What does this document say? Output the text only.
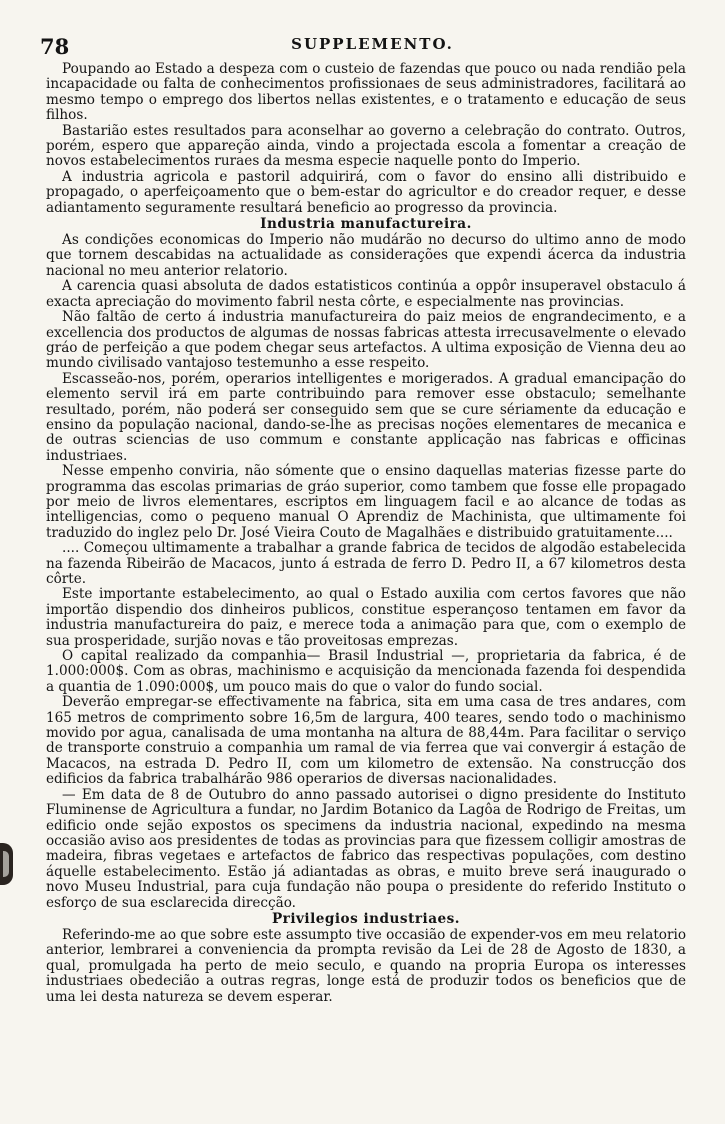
78	SUPPLEMENTO.

Poupando ao Estado a despeza com o custeio de fazendas que pouco ou nada rendião pela incapacidade ou falta de conhecimentos profissionaes de seus administradores, facilitará ao mesmo tempo o emprego dos libertos nellas existentes, e o tratamento e educação de seus filhos.

Bastarião estes resultados para aconselhar ao governo a celebração do contrato. Outros, porém, espero que appareção ainda, vindo a projectada escola a fomentar a creação de novos estabelecimentos ruraes da mesma especie naquelle ponto do Imperio.

A industria agricola e pastoril adquirirá, com o favor do ensino alli distribuido e propagado, o aperfeiçoamento que o bem-estar do agricultor e do creador requer, e desse adiantamento seguramente resultará beneficio ao progresso da provincia.

Industria manufactureira.

As condições economicas do Imperio não mudárão no decurso do ultimo anno de modo que tornem descabidas na actualidade as considerações que expendi ácerca da industria nacional no meu anterior relatorio.

A carencia quasi absoluta de dados estatisticos continúa a oppôr insuperavel obstaculo á exacta apreciação do movimento fabril nesta côrte, e especialmente nas provincias.

Não faltão de certo á industria manufactureira do paiz meios de engrandecimento, e a excellencia dos productos de algumas de nossas fabricas attesta irrecusavelmente o elevado gráo de perfeição a que podem chegar seus artefactos. A ultima exposição de Vienna deu ao mundo civilisado vantajoso testemunho a esse respeito.

Escasseão-nos, porém, operarios intelligentes e morigerados. A gradual emancipação do elemento servil irá em parte contribuindo para remover esse obstaculo; semelhante resultado, porém, não poderá ser conseguido sem que se cure sériamente da educação e ensino da população nacional, dando-se-lhe as precisas noções elementares de mecanica e de outras sciencias de uso commum e constante applicação nas fabricas e officinas industriaes.

Nesse empenho conviria, não sómente que o ensino daquellas materias fizesse parte do programma das escolas primarias de gráo superior, como tambem que fosse elle propagado por meio de livros elementares, escriptos em linguagem facil e ao alcance de todas as intelligencias, como o pequeno manual O Aprendiz de Machinista, que ultimamente foi traduzido do inglez pelo Dr. José Vieira Couto de Magalhães e distribuido gratuitamente....

.... Começou ultimamente a trabalhar a grande fabrica de tecidos de algodão estabelecida na fazenda Ribeirão de Macacos, junto á estrada de ferro D. Pedro II, a 67 kilometros desta côrte.

Este importante estabelecimento, ao qual o Estado auxilia com certos favores que não importão dispendio dos dinheiros publicos, constitue esperançoso tentamen em favor da industria manufactureira do paiz, e merece toda a animação para que, com o exemplo de sua prosperidade, surjão novas e tão proveitosas emprezas.

O capital realizado da companhia— Brasil Industrial —, proprietaria da fabrica, é de 1.000:000$. Com as obras, machinismo e acquisição da mencionada fazenda foi despendida a quantia de 1.090:000$, um pouco mais do que o valor do fundo social.

Deverão empregar-se effectivamente na fabrica, sita em uma casa de tres andares, com 165 metros de comprimento sobre 16,5m de largura, 400 teares, sendo todo o machinismo movido por agua, canalisada de uma montanha na altura de 88,44m. Para facilitar o serviço de transporte construio a companhia um ramal de via ferrea que vai convergir á estação de Macacos, na estrada D. Pedro II, com um kilometro de extensão. Na construcção dos edificios da fabrica trabalhárão 986 operarios de diversas nacionalidades.

— Em data de 8 de Outubro do anno passado autorisei o digno presidente do Instituto Fluminense de Agricultura a fundar, no Jardim Botanico da Lagôa de Rodrigo de Freitas, um edificio onde sejão expostos os specimens da industria nacional, expedindo na mesma occasião aviso aos presidentes de todas as provincias para que fizessem colligir amostras de madeira, fibras vegetaes e artefactos de fabrico das respectivas populações, com destino áquelle estabelecimento. Estão já adiantadas as obras, e muito breve será inaugurado o novo Museu Industrial, para cuja fundação não poupa o presidente do referido Instituto o esforço de sua esclarecida direcção.

Privilegios industriaes.

Referindo-me ao que sobre este assumpto tive occasião de expender-vos em meu relatorio anterior, lembrarei a conveniencia da prompta revisão da Lei de 28 de Agosto de 1830, a qual, promulgada ha perto de meio seculo, e quando na propria Europa os interesses industriaes obedecião a outras regras, longe está de produzir todos os beneficios que de uma lei desta natureza se devem esperar.
